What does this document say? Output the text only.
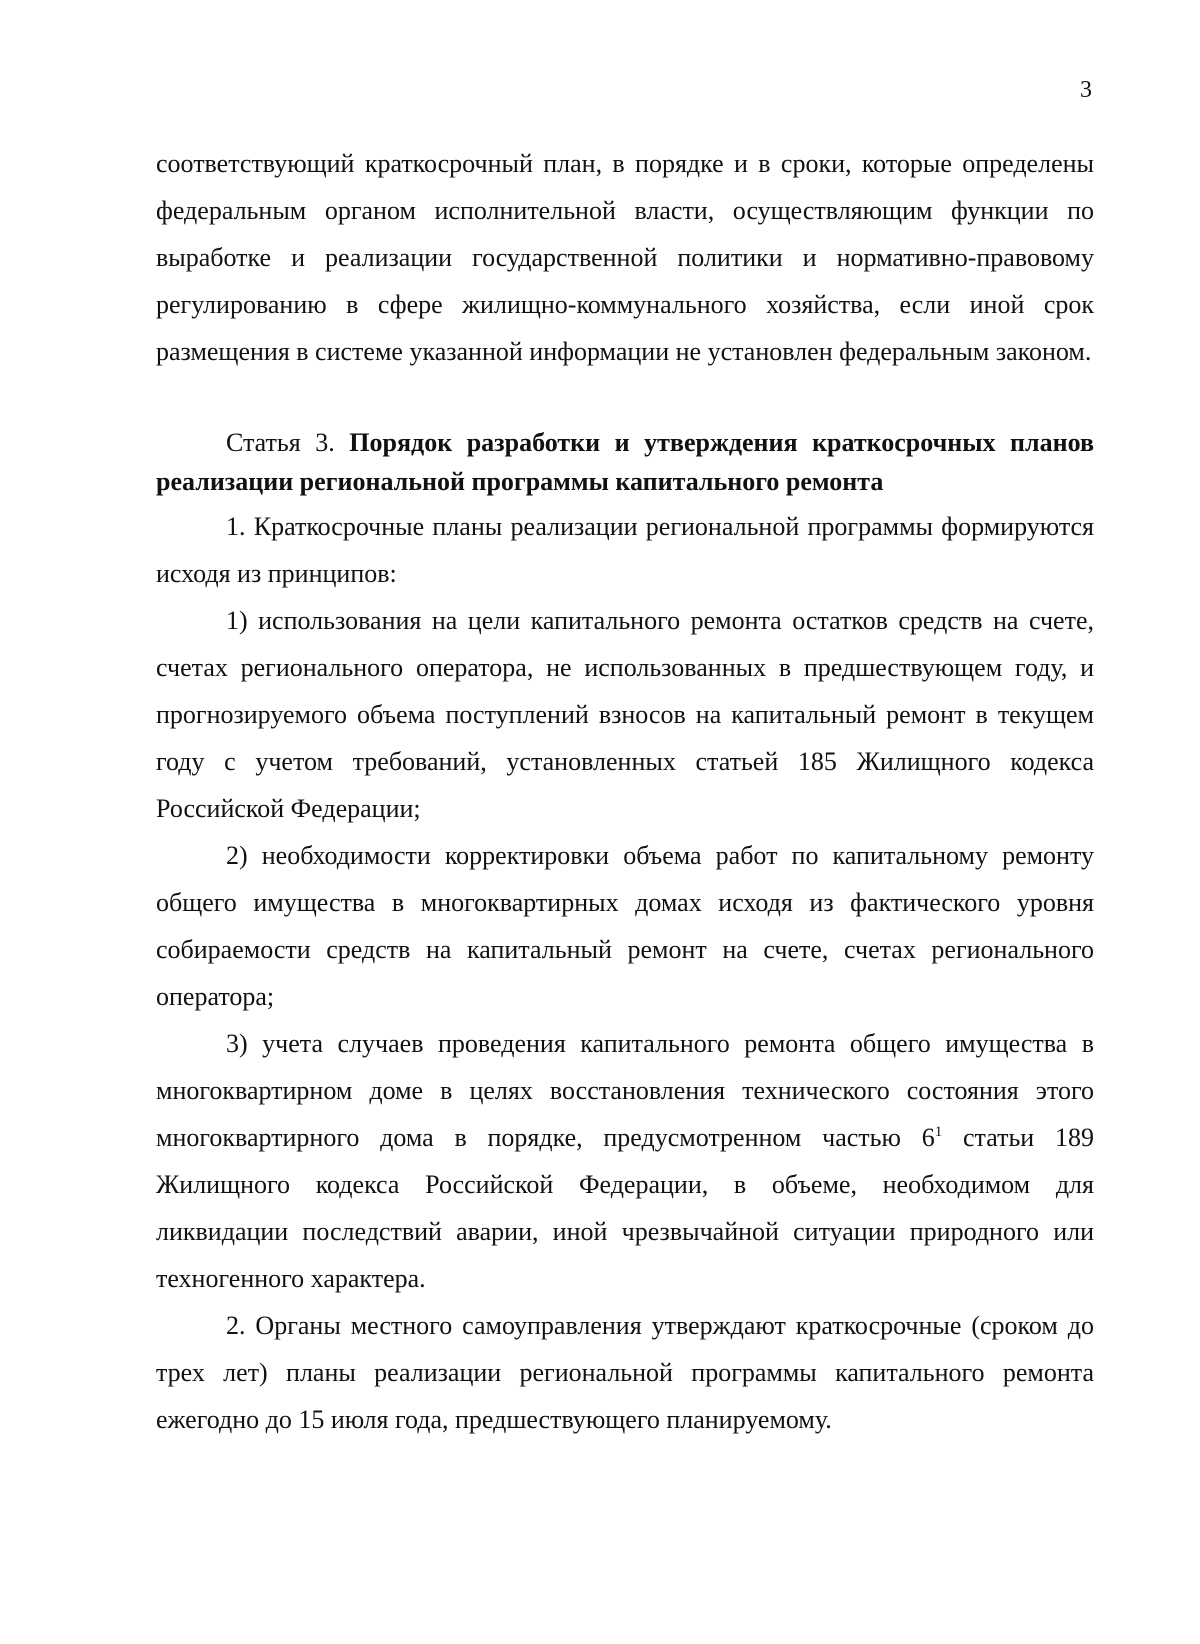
3

соответствующий краткосрочный план, в порядке и в сроки, которые определены федеральным органом исполнительной власти, осуществляющим функции по выработке и реализации государственной политики и нормативно-правовому регулированию в сфере жилищно-коммунального хозяйства, если иной срок размещения в системе указанной информации не установлен федеральным законом.

Статья 3. Порядок разработки и утверждения краткосрочных планов реализации региональной программы капитального ремонта

1. Краткосрочные планы реализации региональной программы формируются исходя из принципов:

1) использования на цели капитального ремонта остатков средств на счете, счетах регионального оператора, не использованных в предшествующем году, и прогнозируемого объема поступлений взносов на капитальный ремонт в текущем году с учетом требований, установленных статьей 185 Жилищного кодекса Российской Федерации;

2) необходимости корректировки объема работ по капитальному ремонту общего имущества в многоквартирных домах исходя из фактического уровня собираемости средств на капитальный ремонт на счете, счетах регионального оператора;

3) учета случаев проведения капитального ремонта общего имущества в многоквартирном доме в целях восстановления технического состояния этого многоквартирного дома в порядке, предусмотренном частью $6^1$ статьи 189 Жилищного кодекса Российской Федерации, в объеме, необходимом для ликвидации последствий аварии, иной чрезвычайной ситуации природного или техногенного характера.

2. Органы местного самоуправления утверждают краткосрочные (сроком до трех лет) планы реализации региональной программы капитального ремонта ежегодно до 15 июля года, предшествующего планируемому.
